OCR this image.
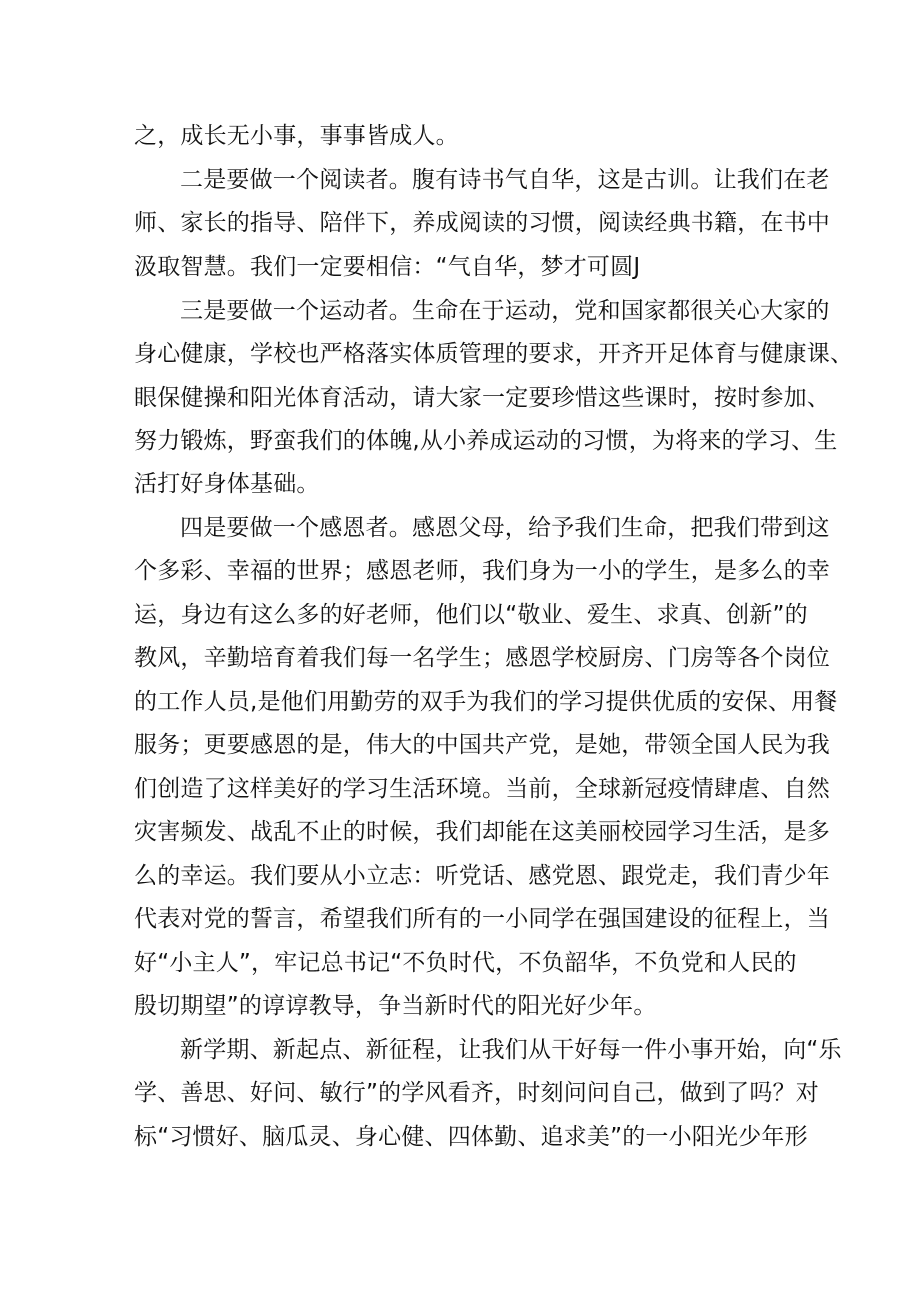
之，成长无小事，事事皆成人。
二是要做一个阅读者。腹有诗书气自华，这是古训。让我们在老
师、家长的指导、陪伴下，养成阅读的习惯，阅读经典书籍，在书中
汲取智慧。我们一定要相信：“气自华，梦才可圆J
三是要做一个运动者。生命在于运动，党和国家都很关心大家的
身心健康，学校也严格落实体质管理的要求，开齐开足体育与健康课、
眼保健操和阳光体育活动，请大家一定要珍惜这些课时，按时参加、
努力锻炼，野蛮我们的体魄,从小养成运动的习惯，为将来的学习、生
活打好身体基础。
四是要做一个感恩者。感恩父母，给予我们生命，把我们带到这
个多彩、幸福的世界；感恩老师，我们身为一小的学生，是多么的幸
运，身边有这么多的好老师，他们以“敬业、爱生、求真、创新”的
教风，辛勤培育着我们每一名学生；感恩学校厨房、门房等各个岗位
的工作人员,是他们用勤劳的双手为我们的学习提供优质的安保、用餐
服务；更要感恩的是，伟大的中国共产党，是她，带领全国人民为我
们创造了这样美好的学习生活环境。当前，全球新冠疫情肆虐、自然
灾害频发、战乱不止的时候，我们却能在这美丽校园学习生活，是多
么的幸运。我们要从小立志：听党话、感党恩、跟党走，我们青少年
代表对党的誓言，希望我们所有的一小同学在强国建设的征程上，当
好“小主人”，牢记总书记“不负时代，不负韶华，不负党和人民的
殷切期望”的谆谆教导，争当新时代的阳光好少年。
新学期、新起点、新征程，让我们从干好每一件小事开始，向“乐
学、善思、好问、敏行”的学风看齐，时刻问问自己，做到了吗？对
标“习惯好、脑瓜灵、身心健、四体勤、追求美”的一小阳光少年形
